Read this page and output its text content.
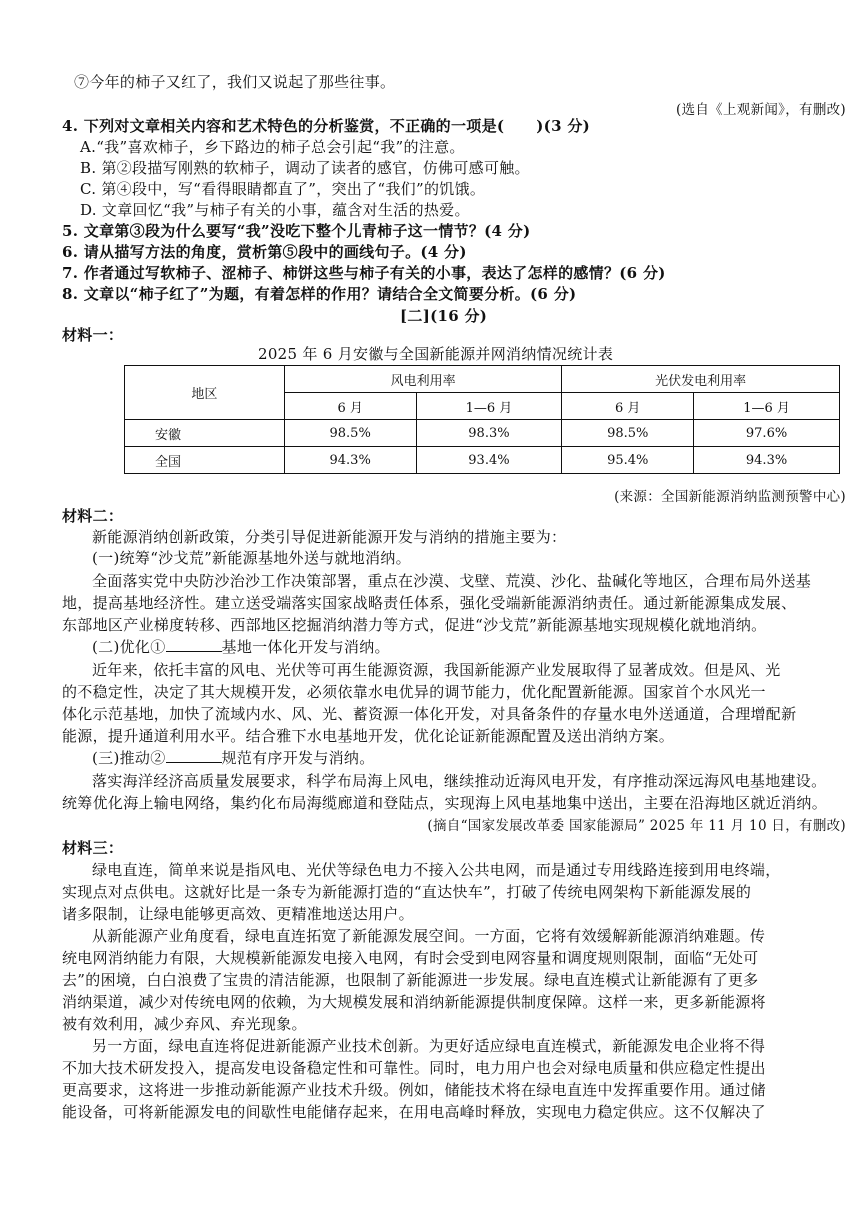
⑦今年的柿子又红了，我们又说起了那些往事。
(选自《上观新闻》，有删改)
4. 下列对文章相关内容和艺术特色的分析鉴赏，不正确的一项是( )(3 分)
A.“我”喜欢柿子，乡下路边的柿子总会引起“我”的注意。
B. 第②段描写刚熟的软柿子，调动了读者的感官，仿佛可感可触。
C. 第④段中，写“看得眼睛都直了”，突出了“我们”的饥饿。
D. 文章回忆“我”与柿子有关的小事，蕴含对生活的热爱。
5. 文章第③段为什么要写“我”没吃下整个儿青柿子这一情节？(4 分)
6. 请从描写方法的角度，赏析第⑤段中的画线句子。(4 分)
7. 作者通过写软柿子、涩柿子、柿饼这些与柿子有关的小事，表达了怎样的感情？(6 分)
8. 文章以“柿子红了”为题，有着怎样的作用？请结合全文简要分析。(6 分)
[二](16 分)
材料一：
2025 年 6 月安徽与全国新能源并网消纳情况统计表
地区	风电利用率		光伏发电利用率	
	6 月	1—6 月	6 月	1—6 月
安徽	98.5%	98.3%	98.5%	97.6%
全国	94.3%	93.4%	95.4%	94.3%
(来源：全国新能源消纳监测预警中心)
材料二：
新能源消纳创新政策，分类引导促进新能源开发与消纳的措施主要为：
(一)统筹“沙戈荒”新能源基地外送与就地消纳。
全面落实党中央防沙治沙工作决策部署，重点在沙漠、戈壁、荒漠、沙化、盐碱化等地区，合理布局外送基
地，提高基地经济性。建立送受端落实国家战略责任体系，强化受端新能源消纳责任。通过新能源集成发展、
东部地区产业梯度转移、西部地区挖掘消纳潜力等方式，促进“沙戈荒”新能源基地实现规模化就地消纳。
(二)优化①	基地一体化开发与消纳。
近年来，依托丰富的风电、光伏等可再生能源资源，我国新能源产业发展取得了显著成效。但是风、光
的不稳定性，决定了其大规模开发，必须依靠水电优异的调节能力，优化配置新能源。国家首个水风光一
体化示范基地，加快了流域内水、风、光、蓄资源一体化开发，对具备条件的存量水电外送通道，合理增配新
能源，提升通道利用水平。结合雅下水电基地开发，优化论证新能源配置及送出消纳方案。
(三)推动②	规范有序开发与消纳。
落实海洋经济高质量发展要求，科学布局海上风电，继续推动近海风电开发，有序推动深远海风电基地建设。
统筹优化海上输电网络，集约化布局海缆廊道和登陆点，实现海上风电基地集中送出，主要在沿海地区就近消纳。
(摘自“国家发展改革委 国家能源局” 2025 年 11 月 10 日，有删改)
材料三：
绿电直连，简单来说是指风电、光伏等绿色电力不接入公共电网，而是通过专用线路连接到用电终端，
实现点对点供电。这就好比是一条专为新能源打造的“直达快车”，打破了传统电网架构下新能源发展的
诸多限制，让绿电能够更高效、更精准地送达用户。
从新能源产业角度看，绿电直连拓宽了新能源发展空间。一方面，它将有效缓解新能源消纳难题。传
统电网消纳能力有限，大规模新能源发电接入电网，有时会受到电网容量和调度规则限制，面临“无处可
去”的困境，白白浪费了宝贵的清洁能源，也限制了新能源进一步发展。绿电直连模式让新能源有了更多
消纳渠道，减少对传统电网的依赖，为大规模发展和消纳新能源提供制度保障。这样一来，更多新能源将
被有效利用，减少弃风、弃光现象。
另一方面，绿电直连将促进新能源产业技术创新。为更好适应绿电直连模式，新能源发电企业将不得
不加大技术研发投入，提高发电设备稳定性和可靠性。同时，电力用户也会对绿电质量和供应稳定性提出
更高要求，这将进一步推动新能源产业技术升级。例如，储能技术将在绿电直连中发挥重要作用。通过储
能设备，可将新能源发电的间歇性电能储存起来，在用电高峰时释放，实现电力稳定供应。这不仅解决了
